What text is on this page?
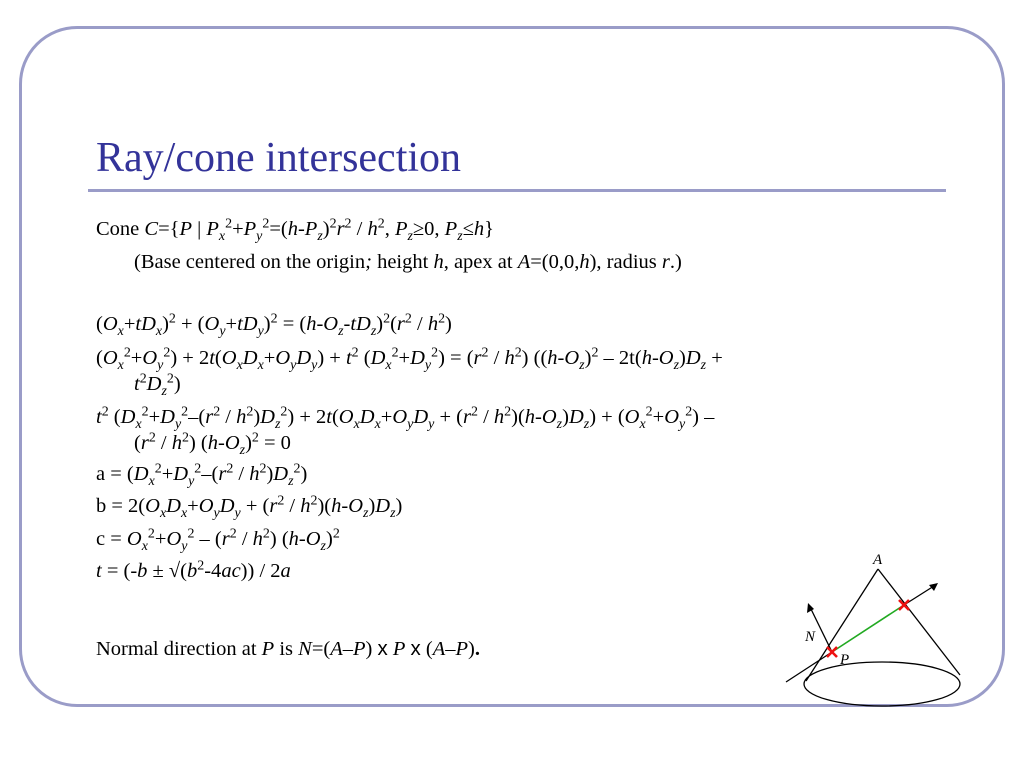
Ray/cone intersection
Cone C={P | $P_x^2+P_y^2=(h-P_z)^2r^2 / h^2$, $P_z\ge 0$, $P_z\le h$}
(Base centered on the origin; height h, apex at A=(0,0,h), radius r.)
$(O_x+tD_x)^2 + (O_y+tD_y)^2 = (h-O_z-tD_z)^2(r^2 / h^2)$
$(O_x^2+O_y^2) + 2t(O_xD_x+O_yD_y) + t^2$ $(D_x^2+D_y^2) = (r^2 / h^2)$ ($(h-O_z)^2 - 2t(h-O_z)D_z$ +
$t^2D_z^2$)
$t^2$ $(D_x^2+D_y^2-(r^2 / h^2)D_z^2) + 2t(O_xD_x+O_yD_y + (r^2 / h^2)(h-O_z)D_z) + (O_x^2+O_y^2)$ –
$(r^2 / h^2) (h-O_z)^2 = 0$
$a = (D_x^2+D_y^2-(r^2 / h^2)D_z^2)$
$b = 2(O_xD_x+O_yD_y + (r^2 / h^2)(h-O_z)D_z)$
$c = O_x^2+O_y^2 - (r^2 / h^2)$ $(h-O_z)^2$
$t = (-b \pm √(b^2-4ac)) / 2a$
Normal direction at P is N=(A–P) x P x (A–P).
A
N
P
